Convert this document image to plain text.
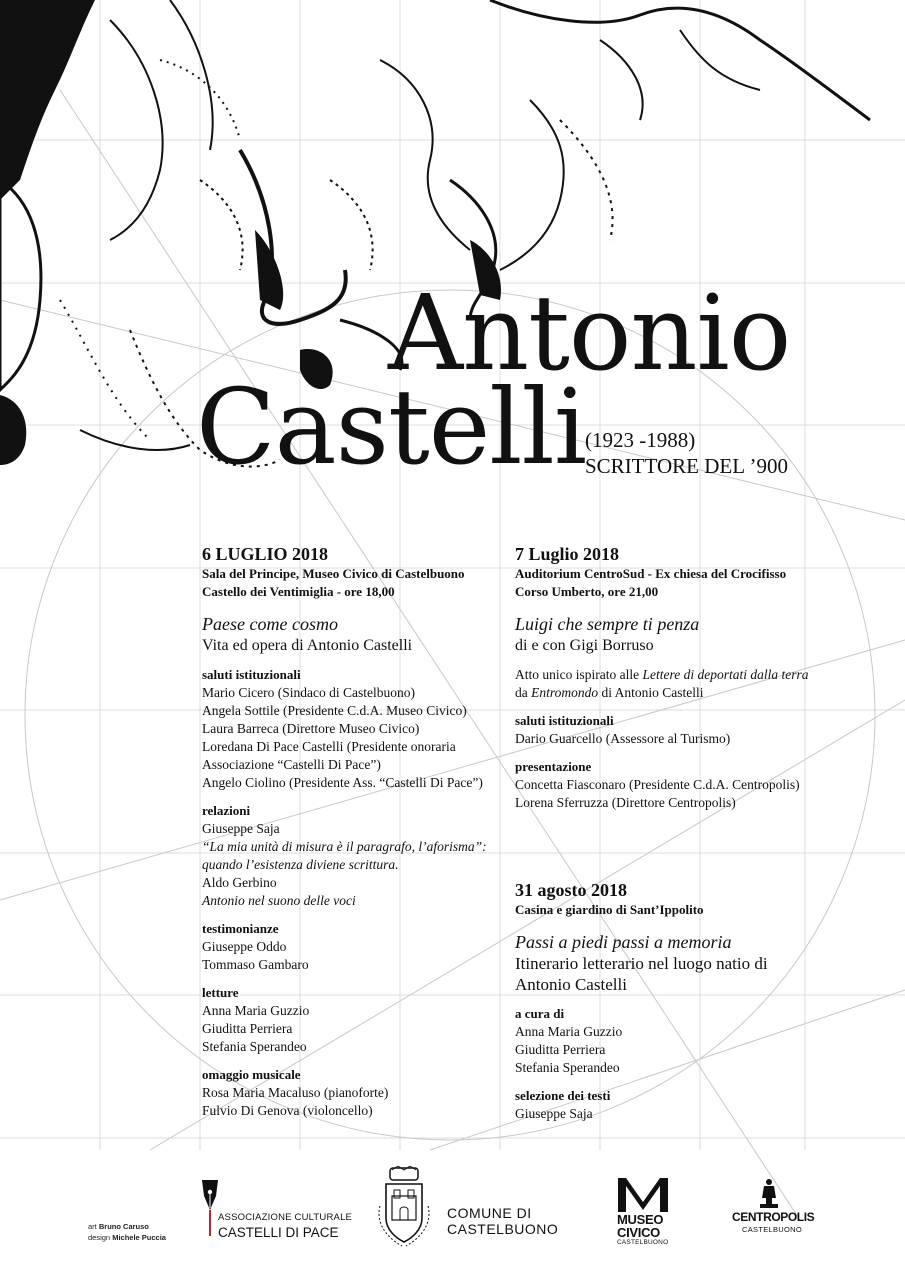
Antonio
Castelli
(1923 -1988)
SCRITTORE DEL ’900
6 LUGLIO 2018
Sala del Principe, Museo Civico di Castelbuono
Castello dei Ventimiglia - ore 18,00
Paese come cosmo
Vita ed opera di Antonio Castelli
saluti istituzionali
Mario Cicero (Sindaco di Castelbuono)
Angela Sottile (Presidente C.d.A. Museo Civico)
Laura Barreca (Direttore Museo Civico)
Loredana Di Pace Castelli (Presidente onoraria
Associazione “Castelli Di Pace”)
Angelo Ciolino (Presidente Ass. “Castelli Di Pace”)
relazioni
Giuseppe Saja
“La mia unità di misura è il paragrafo, l’aforisma”:
quando l’esistenza diviene scrittura.
Aldo Gerbino
Antonio nel suono delle voci
testimonianze
Giuseppe Oddo
Tommaso Gambaro
letture
Anna Maria Guzzio
Giuditta Perriera
Stefania Sperandeo
omaggio musicale
Rosa Maria Macaluso (pianoforte)
Fulvio Di Genova (violoncello)
7 Luglio 2018
Auditorium CentroSud - Ex chiesa del Crocifisso
Corso Umberto, ore 21,00
Luigi che sempre ti penza
di e con Gigi Borruso
Atto unico ispirato alle Lettere di deportati dalla terra
da Entromondo di Antonio Castelli
saluti istituzionali
Dario Guarcello (Assessore al Turismo)
presentazione
Concetta Fiasconaro (Presidente C.d.A. Centropolis)
Lorena Sferruzza (Direttore Centropolis)
31 agosto 2018
Casina e giardino di Sant’Ippolito
Passi a piedi passi a memoria
Itinerario letterario nel luogo natio di
Antonio Castelli
a cura di
Anna Maria Guzzio
Giuditta Perriera
Stefania Sperandeo
selezione dei testi
Giuseppe Saja
art Bruno Caruso
design Michele Puccia
ASSOCIAZIONE CULTURALE
CASTELLI DI PACE
COMUNE DI
CASTELBUONO
MUSEO
CIVICO
CASTELBUONO
CENTROPOLIS
CASTELBUONO
